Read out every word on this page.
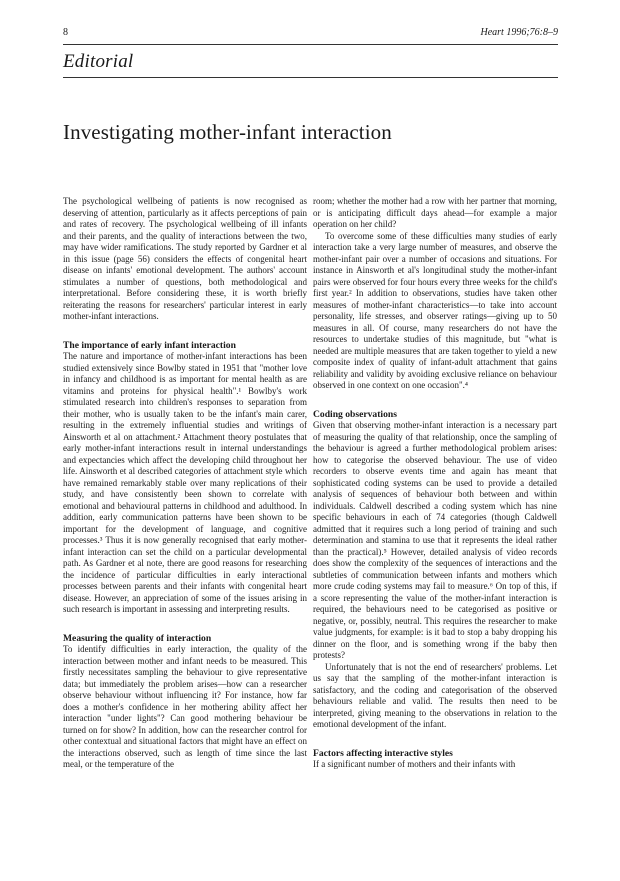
8	Heart 1996;76:8–9
Editorial
Investigating mother-infant interaction

The psychological wellbeing of patients is now recognised as deserving of attention, particularly as it affects perceptions of pain and rates of recovery. The psychological wellbeing of ill infants and their parents, and the quality of interactions between the two, may have wider ramifications. The study reported by Gardner et al in this issue (page 56) considers the effects of congenital heart disease on infants' emotional development. The authors' account stimulates a number of questions, both methodological and interpretational. Before considering these, it is worth briefly reiterating the reasons for researchers' particular interest in early mother-infant interactions.

The importance of early infant interaction

The nature and importance of mother-infant interactions has been studied extensively since Bowlby stated in 1951 that "mother love in infancy and childhood is as important for mental health as are vitamins and proteins for physical health".¹ Bowlby's work stimulated research into children's responses to separation from their mother, who is usually taken to be the infant's main carer, resulting in the extremely influential studies and writings of Ainsworth et al on attachment.² Attachment theory postulates that early mother-infant interactions result in internal understandings and expectancies which affect the developing child throughout her life. Ainsworth et al described categories of attachment style which have remained remarkably stable over many replications of their study, and have consistently been shown to correlate with emotional and behavioural patterns in childhood and adulthood. In addition, early communication patterns have been shown to be important for the development of language, and cognitive processes.³ Thus it is now generally recognised that early mother-infant interaction can set the child on a particular developmental path. As Gardner et al note, there are good reasons for researching the incidence of particular difficulties in early interactional processes between parents and their infants with congenital heart disease. However, an appreciation of some of the issues arising in such research is important in assessing and interpreting results.

Measuring the quality of interaction

To identify difficulties in early interaction, the quality of the interaction between mother and infant needs to be measured. This firstly necessitates sampling the behaviour to give representative data; but immediately the problem arises—how can a researcher observe behaviour without influencing it? For instance, how far does a mother's confidence in her mothering ability affect her interaction "under lights"? Can good mothering behaviour be turned on for show? In addition, how can the researcher control for other contextual and situational factors that might have an effect on the interactions observed, such as length of time since the last meal, or the temperature of the

room; whether the mother had a row with her partner that morning, or is anticipating difficult days ahead—for example a major operation on her child?

To overcome some of these difficulties many studies of early interaction take a very large number of measures, and observe the mother-infant pair over a number of occasions and situations. For instance in Ainsworth et al's longitudinal study the mother-infant pairs were observed for four hours every three weeks for the child's first year.² In addition to observations, studies have taken other measures of mother-infant characteristics—to take into account personality, life stresses, and observer ratings—giving up to 50 measures in all. Of course, many researchers do not have the resources to undertake studies of this magnitude, but "what is needed are multiple measures that are taken together to yield a new composite index of quality of infant-adult attachment that gains reliability and validity by avoiding exclusive reliance on behaviour observed in one context on one occasion".⁴

Coding observations

Given that observing mother-infant interaction is a necessary part of measuring the quality of that relationship, once the sampling of the behaviour is agreed a further methodological problem arises: how to categorise the observed behaviour. The use of video recorders to observe events time and again has meant that sophisticated coding systems can be used to provide a detailed analysis of sequences of behaviour both between and within individuals. Caldwell described a coding system which has nine specific behaviours in each of 74 categories (though Caldwell admitted that it requires such a long period of training and such determination and stamina to use that it represents the ideal rather than the practical).⁵ However, detailed analysis of video records does show the complexity of the sequences of interactions and the subtleties of communication between infants and mothers which more crude coding systems may fail to measure.⁶ On top of this, if a score representing the value of the mother-infant interaction is required, the behaviours need to be categorised as positive or negative, or, possibly, neutral. This requires the researcher to make value judgments, for example: is it bad to stop a baby dropping his dinner on the floor, and is something wrong if the baby then protests?

Unfortunately that is not the end of researchers' problems. Let us say that the sampling of the mother-infant interaction is satisfactory, and the coding and categorisation of the observed behaviours reliable and valid. The results then need to be interpreted, giving meaning to the observations in relation to the emotional development of the infant.

Factors affecting interactive styles

If a significant number of mothers and their infants with
